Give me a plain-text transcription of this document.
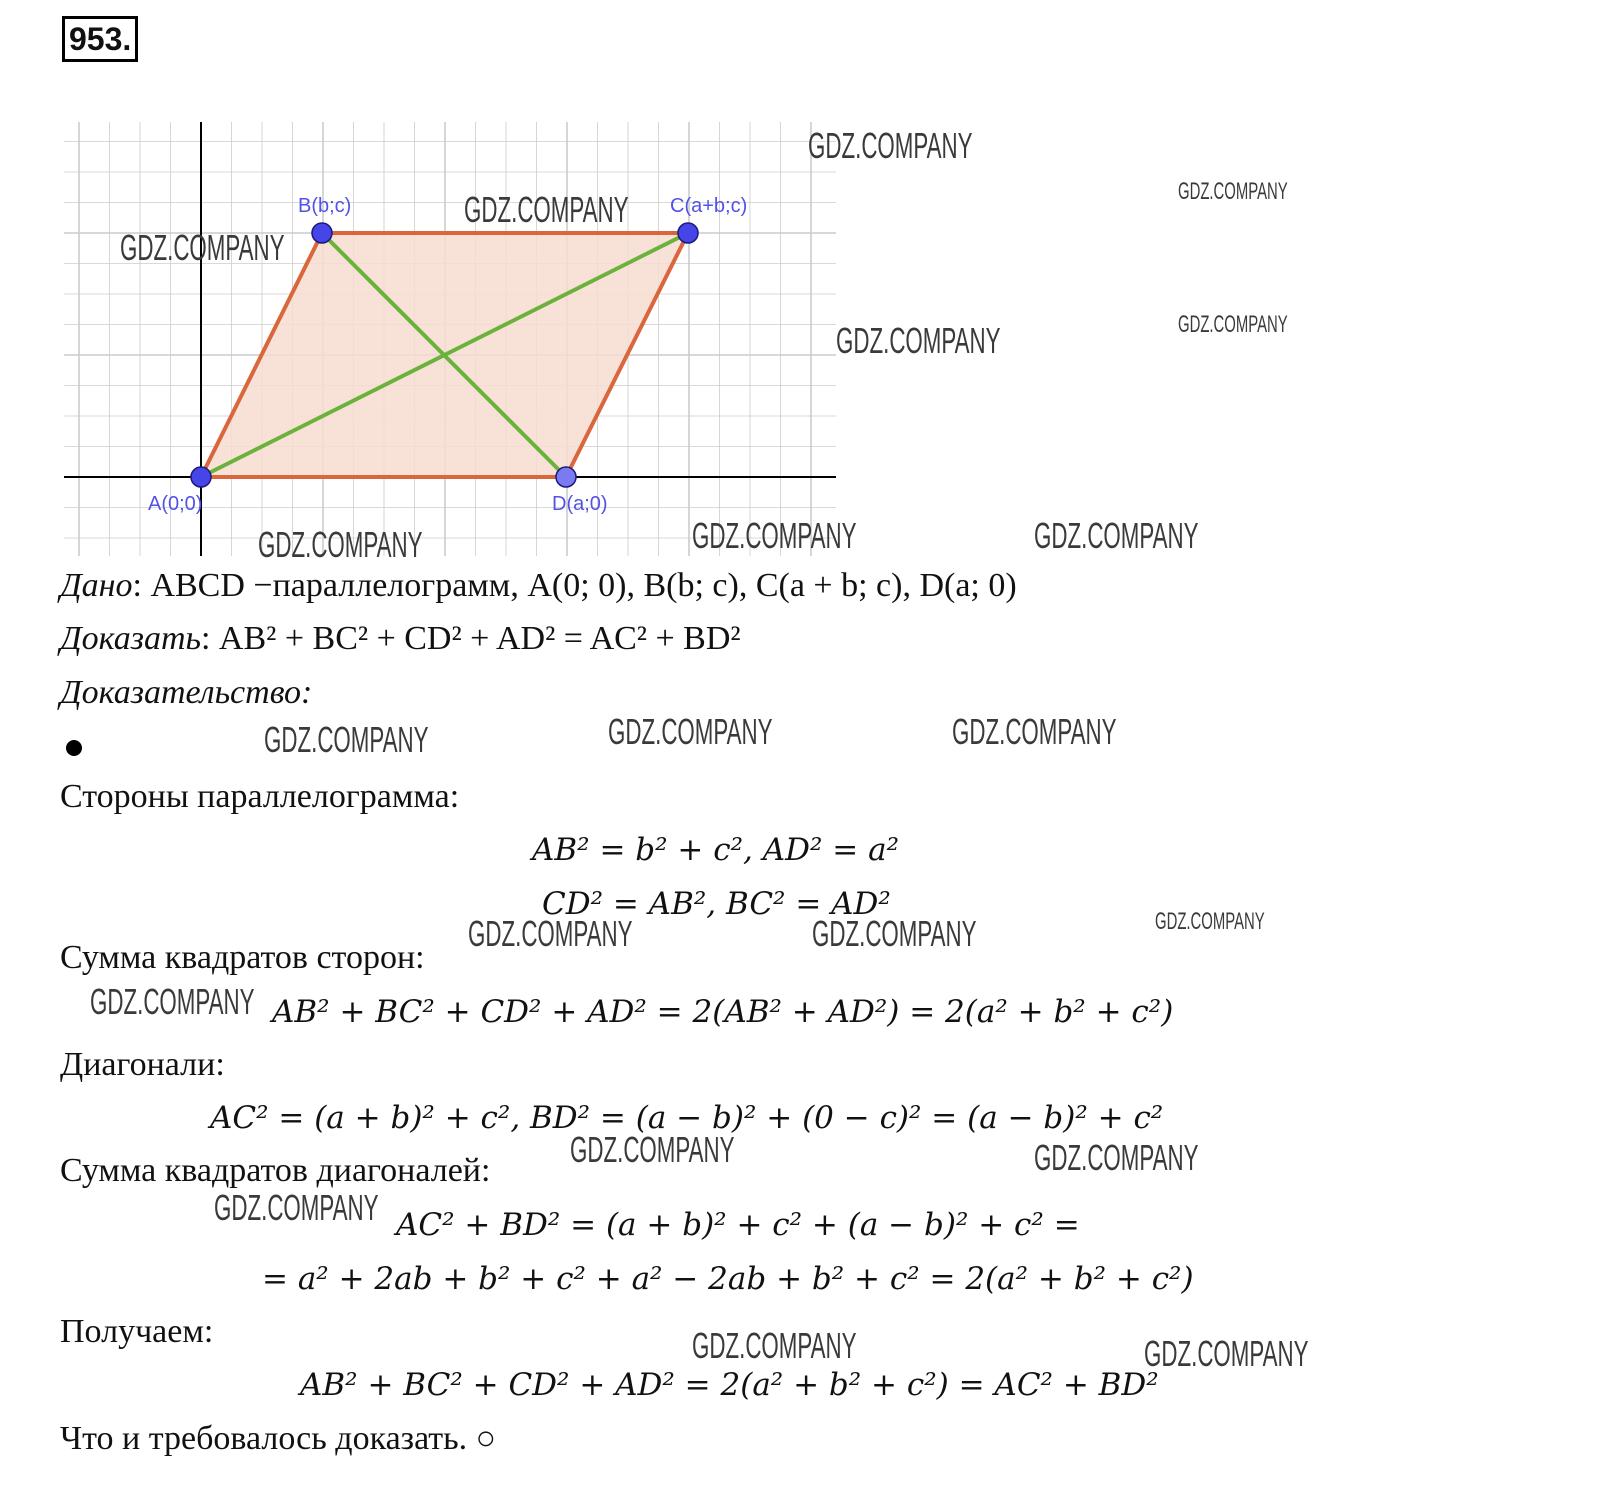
953.
A(0;0)
B(b;c)	C(a+b;c)
D(a;0)
Дано: ABCD −параллелограмм, A(0; 0), B(b; c), C(a + b; c), D(a; 0)
Доказать: AB² + BC² + CD² + AD² = AC² + BD²
Доказательство:
Стороны параллелограмма:
AB² = b² + c², AD² = a²
CD² = AB², BC² = AD²
Сумма квадратов сторон:
AB² + BC² + CD² + AD² = 2(AB² + AD²) = 2(a² + b² + c²)
Диагонали:
AC² = (a + b)² + c², BD² = (a − b)² + (0 − c)² = (a − b)² + c²
Сумма квадратов диагоналей:
AC² + BD² = (a + b)² + c² + (a − b)² + c² =
= a² + 2ab + b² + c² + a² − 2ab + b² + c² = 2(a² + b² + c²)
Получаем:
AB² + BC² + CD² + AD² = 2(a² + b² + c²) = AC² + BD²
Что и требовалось доказать. ○
GDZ.COMPANY
GDZ.COMPANY
GDZ.COMPANY
GDZ.COMPANY
GDZ.COMPANY
GDZ.COMPANY
GDZ.COMPANY	GDZ.COMPANY
GDZ.COMPANY
GDZ.COMPANY	GDZ.COMPANY
GDZ.COMPANY
GDZ.COMPANY
GDZ.COMPANY	GDZ.COMPANY
GDZ.COMPANY
GDZ.COMPANY	GDZ.COMPANY
GDZ.COMPANY
GDZ.COMPANY	GDZ.COMPANY
